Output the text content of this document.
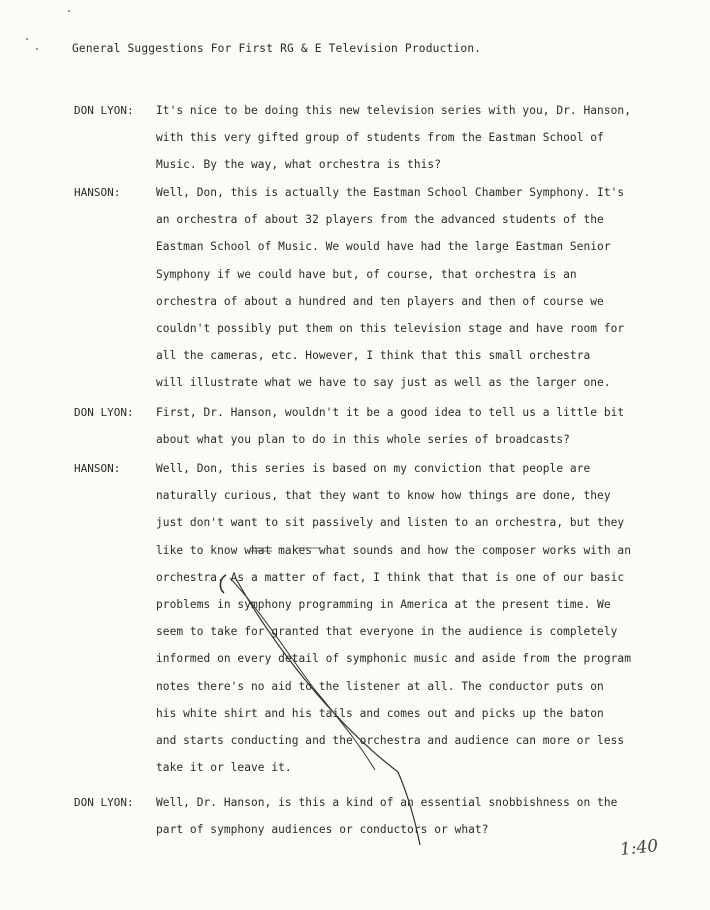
General Suggestions For First RG & E Television Production.
DON LYON: It's nice to be doing this new television series with you, Dr. Hanson,
with this very gifted group of students from the Eastman School of
Music. By the way, what orchestra is this?
HANSON:	Well, Don, this is actually the Eastman School Chamber Symphony. It's
an orchestra of about 32 players from the advanced students of the
Eastman School of Music. We would have had the large Eastman Senior
Symphony if we could have but, of course, that orchestra is an
orchestra of about a hundred and ten players and then of course we
couldn't possibly put them on this television stage and have room for
all the cameras, etc. However, I think that this small orchestra
will illustrate what we have to say just as well as the larger one.
DON LYON: First, Dr. Hanson, wouldn't it be a good idea to tell us a little bit
about what you plan to do in this whole series of broadcasts?
HANSON:	Well, Don, this series is based on my conviction that people are
naturally curious, that they want to know how things are done, they
just don't want to sit passively and listen to an orchestra, but they
like to know what makes what sounds and how the composer works with an
orchestra. As a matter of fact, I think that that is one of our basic
problems in symphony programming in America at the present time. We
seem to take for granted that everyone in the audience is completely
informed on every detail of symphonic music and aside from the program
notes there's no aid to the listener at all. The conductor puts on
his white shirt and his tails and comes out and picks up the baton
and starts conducting and the orchestra and audience can more or less
take it or leave it.
DON LYON: Well, Dr. Hanson, is this a kind of an essential snobbishness on the
part of symphony audiences or conductors or what?
1:40
